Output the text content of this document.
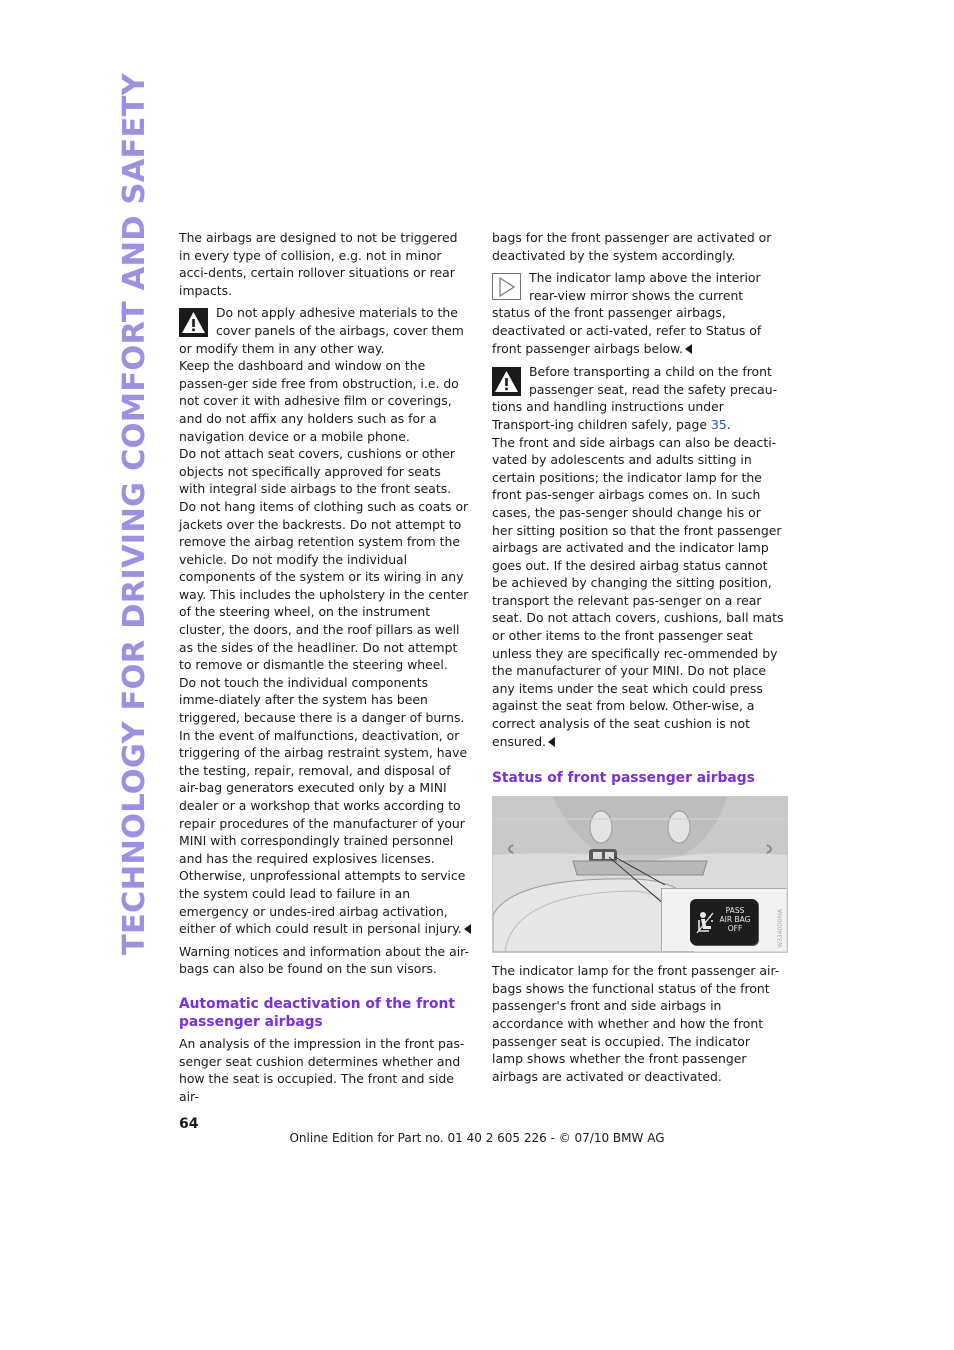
TECHNOLOGY FOR DRIVING COMFORT AND SAFETY	The airbags are designed to not be triggered in every type of collision, e.g. not in minor acci-dents, certain rollover situations or rear impacts.

Do not apply adhesive materials to the cover panels of the airbags, cover them or modify them in any other way.

Keep the dashboard and window on the passen-ger side free from obstruction, i.e. do not cover it with adhesive film or coverings, and do not affix any holders such as for a navigation device or a mobile phone.

Do not attach seat covers, cushions or other objects not specifically approved for seats with integral side airbags to the front seats. Do not hang items of clothing such as coats or jackets over the backrests. Do not attempt to remove the airbag retention system from the vehicle. Do not modify the individual components of the system or its wiring in any way. This includes the upholstery in the center of the steering wheel, on the instrument cluster, the doors, and the roof pillars as well as the sides of the headliner. Do not attempt to remove or dismantle the steering wheel.

Do not touch the individual components imme-diately after the system has been triggered, because there is a danger of burns.

In the event of malfunctions, deactivation, or triggering of the airbag restraint system, have the testing, repair, removal, and disposal of air-bag generators executed only by a MINI dealer or a workshop that works according to repair procedures of the manufacturer of your MINI with correspondingly trained personnel and has the required explosives licenses. Otherwise, unprofessional attempts to service the system could lead to failure in an emergency or undes-ired airbag activation, either of which could result in personal injury.

Warning notices and information about the air-bags can also be found on the sun visors.

Automatic deactivation of the front passenger airbags

An analysis of the impression in the front pas-senger seat cushion determines whether and how the seat is occupied. The front and side air-

bags for the front passenger are activated or deactivated by the system accordingly.

The indicator lamp above the interior rear-view mirror shows the current status of the front passenger airbags, deactivated or acti-vated, refer to Status of front passenger airbags below.

Before transporting a child on the front passenger seat, read the safety precau-tions and handling instructions under Transport-ing children safely, page 35.

The front and side airbags can also be deacti-vated by adolescents and adults sitting in certain positions; the indicator lamp for the front pas-senger airbags comes on. In such cases, the pas-senger should change his or her sitting position so that the front passenger airbags are activated and the indicator lamp goes out. If the desired airbag status cannot be achieved by changing the sitting position, transport the relevant pas-senger on a rear seat. Do not attach covers, cushions, ball mats or other items to the front passenger seat unless they are specifically rec-ommended by the manufacturer of your MINI. Do not place any items under the seat which could press against the seat from below. Other-wise, a correct analysis of the seat cushion is not ensured.

Status of front passenger airbags
PASS
AIR BAG
OFF	W3340D0MA

The indicator lamp for the front passenger air-bags shows the functional status of the front passenger's front and side airbags in accordance with whether and how the front passenger seat is occupied. The indicator lamp shows whether the front passenger airbags are activated or deactivated.

64
Online Edition for Part no. 01 40 2 605 226 - © 07/10 BMW AG
